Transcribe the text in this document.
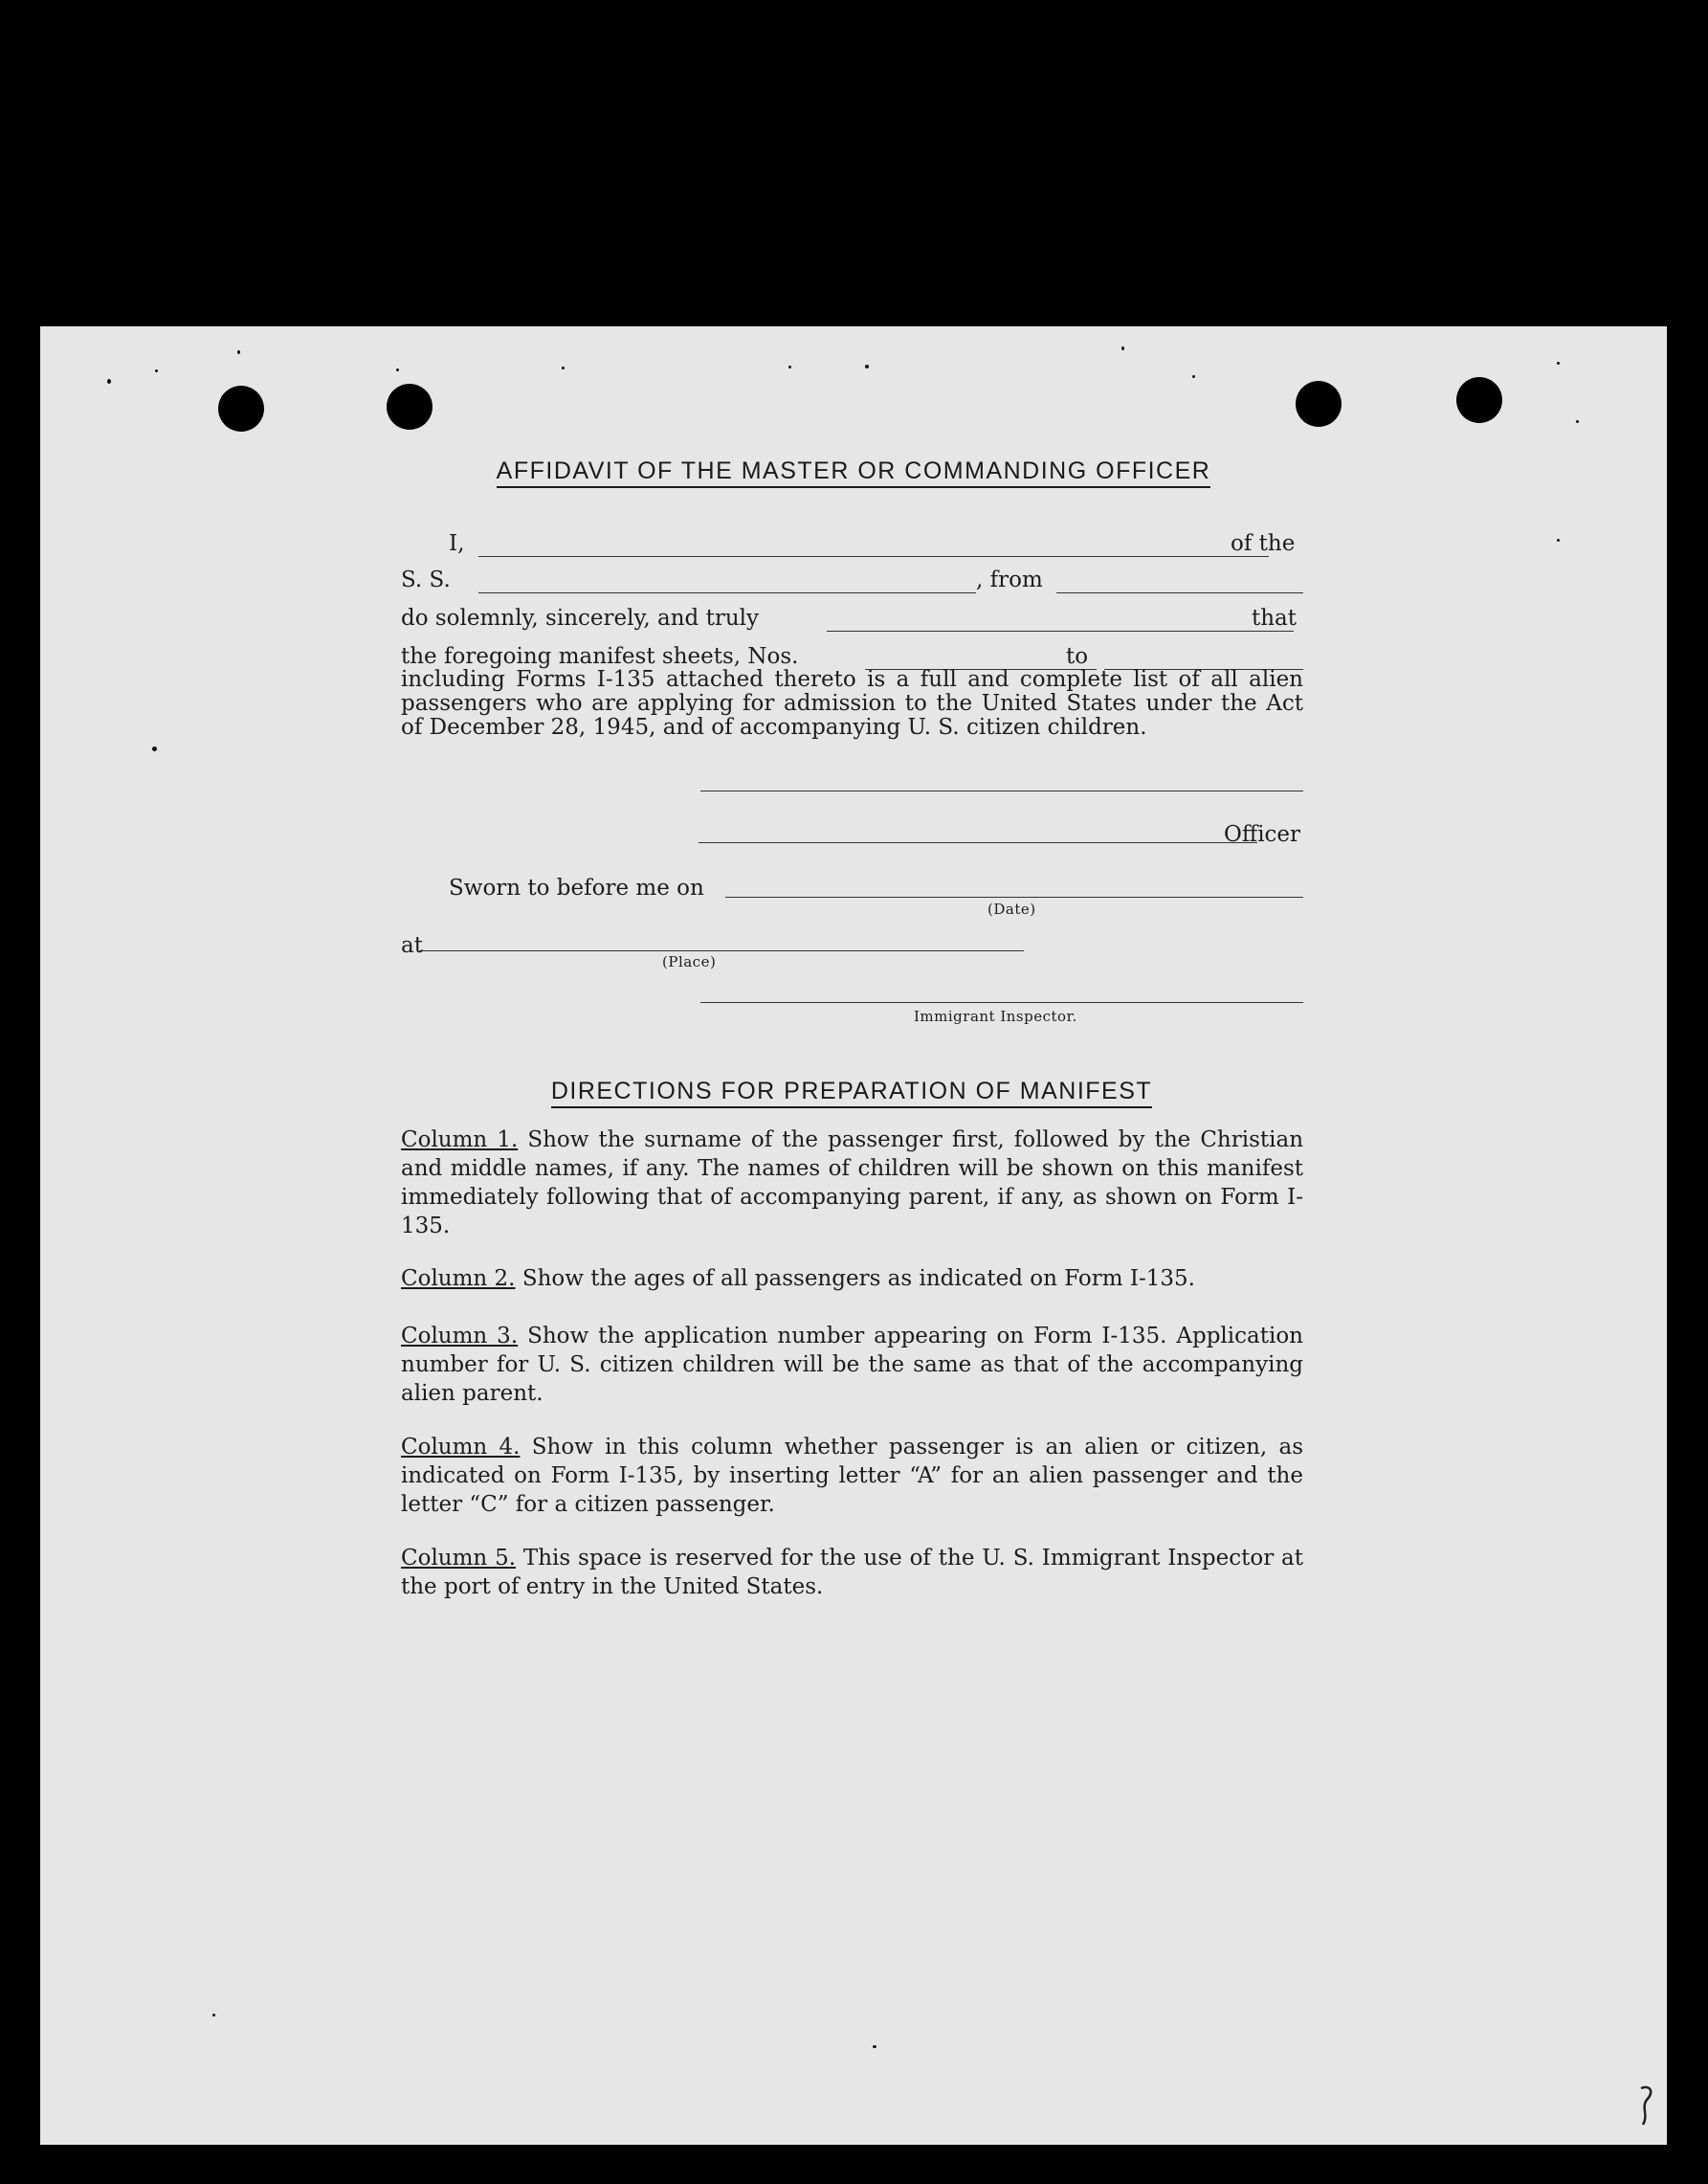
AFFIDAVIT OF THE MASTER OR COMMANDING OFFICER
I,	of the
S. S.	, from
do solemnly, sincerely, and truly	that
the foregoing manifest sheets, Nos.	to
including Forms I-135 attached thereto is a full and complete list of all alien passengers who are applying for admission to the United States under the Act of December 28, 1945, and of accompanying U. S. citizen children.
Officer
Sworn to before me on
(Date)
at
(Place)
Immigrant Inspector.
DIRECTIONS FOR PREPARATION OF MANIFEST
Column 1. Show the surname of the passenger first, followed by the Christian and middle names, if any. The names of children will be shown on this manifest immediately following that of accompanying parent, if any, as shown on Form I-135.
Column 2. Show the ages of all passengers as indicated on Form I-135.
Column 3. Show the application number appearing on Form I-135. Application number for U. S. citizen children will be the same as that of the accompanying alien parent.
Column 4. Show in this column whether passenger is an alien or citizen, as indicated on Form I-135, by inserting letter “A” for an alien passenger and the letter “C” for a citizen passenger.
Column 5. This space is reserved for the use of the U. S. Immigrant Inspector at the port of entry in the United States.
